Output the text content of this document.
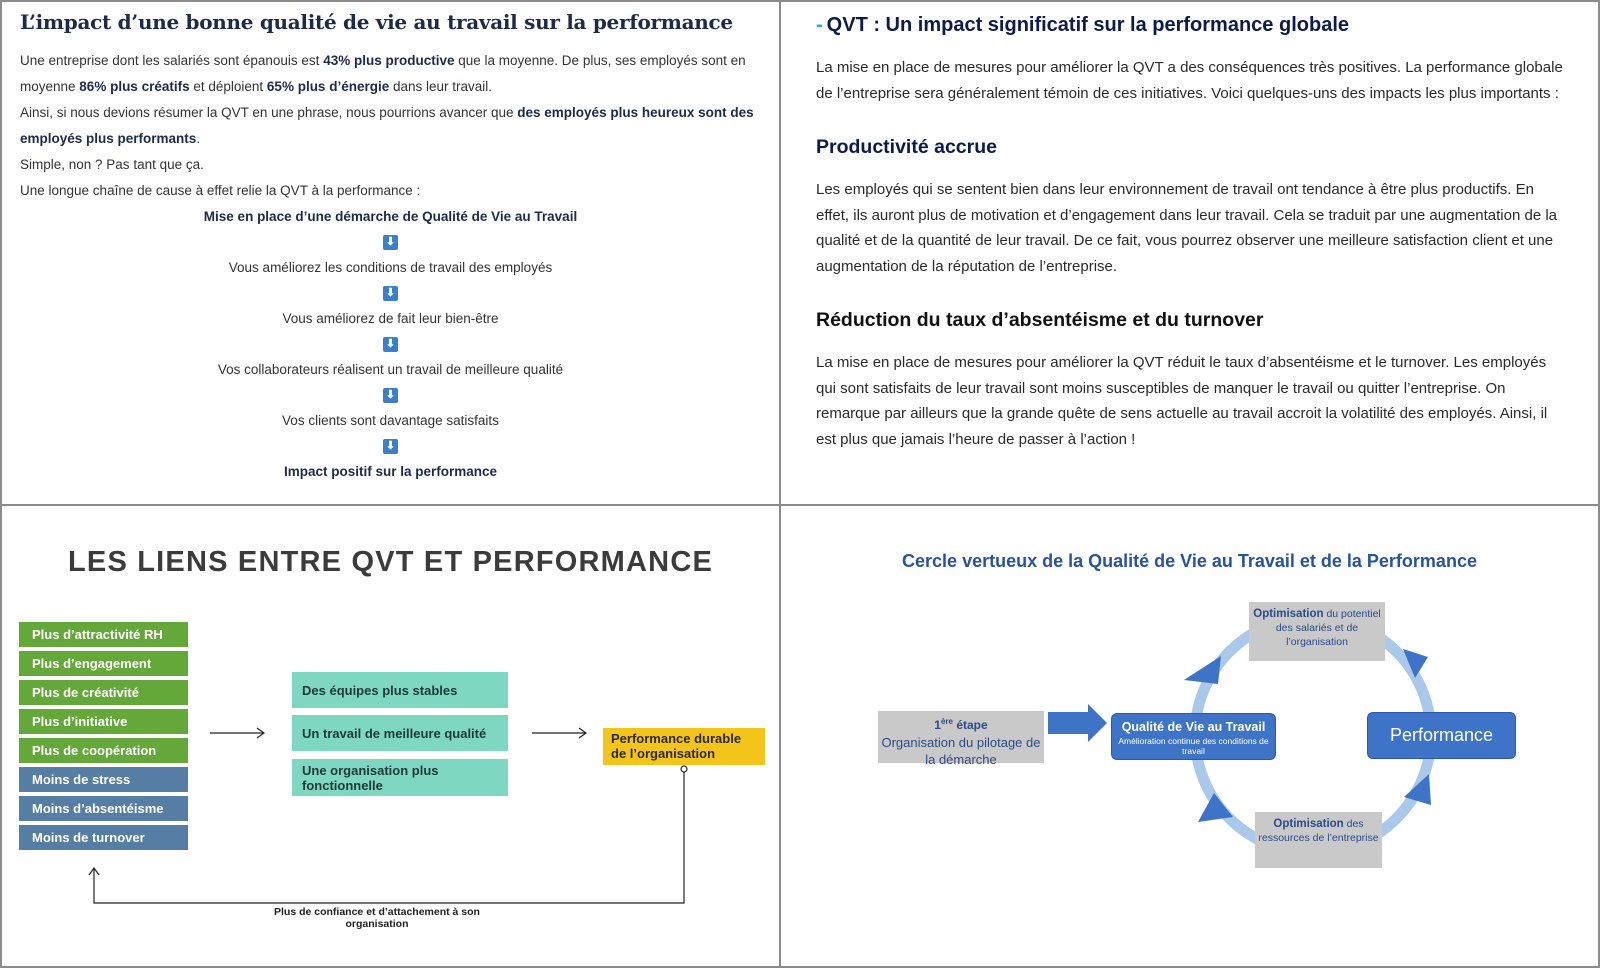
L’impact d’une bonne qualité de vie au travail sur la performance

Une entreprise dont les salariés sont épanouis est 43% plus productive que la moyenne. De plus, ses employés sont en moyenne 86% plus créatifs et déploient 65% plus d’énergie dans leur travail.

Ainsi, si nous devions résumer la QVT en une phrase, nous pourrions avancer que des employés plus heureux sont des employés plus performants.

Simple, non ? Pas tant que ça.

Une longue chaîne de cause à effet relie la QVT à la performance :

Mise en place d’une démarche de Qualité de Vie au Travail
⬇
Vous améliorez les conditions de travail des employés
⬇
Vous améliorez de fait leur bien-être
⬇
Vos collaborateurs réalisent un travail de meilleure qualité
⬇
Vos clients sont davantage satisfaits
⬇
Impact positif sur la performance
- QVT : Un impact significatif sur la performance globale

La mise en place de mesures pour améliorer la QVT a des conséquences très positives. La performance globale de l’entreprise sera généralement témoin de ces initiatives. Voici quelques-uns des impacts les plus importants :

Productivité accrue

Les employés qui se sentent bien dans leur environnement de travail ont tendance à être plus productifs. En effet, ils auront plus de motivation et d’engagement dans leur travail. Cela se traduit par une augmentation de la qualité et de la quantité de leur travail. De ce fait, vous pourrez observer une meilleure satisfaction client et une augmentation de la réputation de l’entreprise.

Réduction du taux d’absentéisme et du turnover

La mise en place de mesures pour améliorer la QVT réduit le taux d’absentéisme et le turnover. Les employés qui sont satisfaits de leur travail sont moins susceptibles de manquer le travail ou quitter l’entreprise. On remarque par ailleurs que la grande quête de sens actuelle au travail accroit la volatilité des employés. Ainsi, il est plus que jamais l’heure de passer à l’action !

LES LIENS ENTRE QVT ET PERFORMANCE
Plus d’attractivité RH
Plus d’engagement
Plus de créativité
Plus d’initiative
Plus de coopération
Moins de stress
Moins d’absentéisme
Moins de turnover
Des équipes plus stables
Un travail de meilleure qualité
Une organisation plus fonctionnelle
Performance durable de l’organisation
Plus de confiance et d’attachement à son organisation
Cercle vertueux de la Qualité de Vie au Travail et de la Performance
1ère étape
Organisation du pilotage de la démarche
Qualité de Vie au Travail
Amélioration continue des conditions de travail
Performance
Optimisation du potentiel des salariés et de l’organisation
Optimisation des ressources de l’entreprise
